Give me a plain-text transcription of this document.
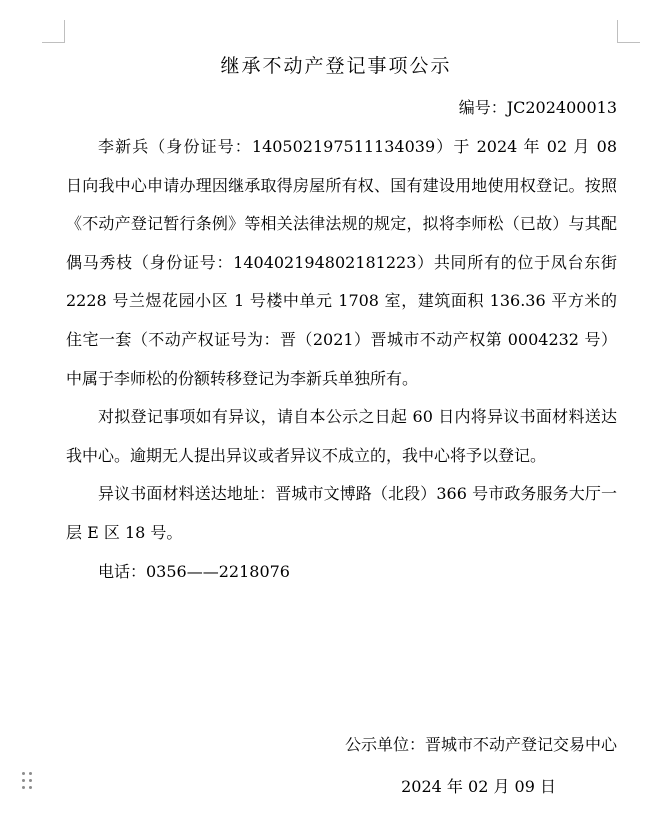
继承不动产登记事项公示
编号：JC202400013

李新兵（身份证号：140502197511134039）于 2024 年 02 月 08 日向我中心申请办理因继承取得房屋所有权、国有建设用地使用权登记。按照《不动产登记暂行条例》等相关法律法规的规定，拟将李师松（已故）与其配偶马秀枝（身份证号：140402194802181223）共同所有的位于凤台东街 2228 号兰煜花园小区 1 号楼中单元 1708 室，建筑面积 136.36 平方米的住宅一套（不动产权证号为：晋（2021）晋城市不动产权第 0004232 号）中属于李师松的份额转移登记为李新兵单独所有。

对拟登记事项如有异议，请自本公示之日起 60 日内将异议书面材料送达我中心。逾期无人提出异议或者异议不成立的，我中心将予以登记。

异议书面材料送达地址：晋城市文博路（北段）366 号市政务服务大厅一层 E 区 18 号。

电话：0356——2218076

公示单位：晋城市不动产登记交易中心
2024 年 02 月 09 日
